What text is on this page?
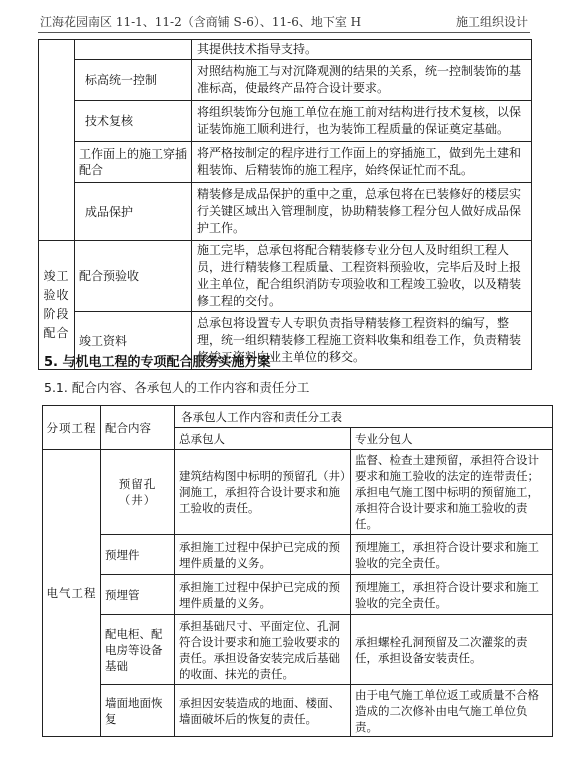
江海花园南区 11-1、11-2（含商铺 S-6）、11-6、地下室 H	施工组织设计
		其提供技术指导支持。
	标高统一控制	对照结构施工与对沉降观测的结果的关系，统一控制装饰的基准标高，使最终产品符合设计要求。
	技术复核	将组织装饰分包施工单位在施工前对结构进行技术复核，以保证装饰施工顺利进行，也为装饰工程质量的保证奠定基础。
	工作面上的施工穿插配合	将严格按制定的程序进行工作面上的穿插施工，做到先土建和粗装饰、后精装饰的施工程序，始终保证忙而不乱。
	成品保护	精装修是成品保护的重中之重，总承包将在已装修好的楼层实行关键区域出入管理制度，协助精装修工程分包人做好成品保护工作。
竣工验收阶段配合	配合预验收	施工完毕，总承包将配合精装修专业分包人及时组织工程人员，进行精装修工程质量、工程资料预验收，完毕后及时上报业主单位，配合组织消防专项验收和工程竣工验收，以及精装修工程的交付。
	竣工资料	总承包将设置专人专职负责指导精装修工程资料的编写，整理，统一组织精装修工程施工资料收集和组卷工作，负责精装修竣工资料向业主单位的移交。
5. 与机电工程的专项配合服务实施方案
5.1. 配合内容、各承包人的工作内容和责任分工
分项工程	配合内容	各承包人工作内容和责任分工表	
		总承包人	专业分包人
电气工程	预留孔（井）	建筑结构图中标明的预留孔（井）洞施工，承担符合设计要求和施工验收的责任。	监督、检查土建预留，承担符合设计要求和施工验收的法定的连带责任；承担电气施工图中标明的预留施工，承担符合设计要求和施工验收的责任。
	预埋件	承担施工过程中保护已完成的预埋件质量的义务。	预埋施工，承担符合设计要求和施工验收的完全责任。
	预埋管	承担施工过程中保护已完成的预埋件质量的义务。	预埋施工，承担符合设计要求和施工验收的完全责任。
	配电柜、配电房等设备基础	承担基础尺寸、平面定位、孔洞符合设计要求和施工验收要求的责任。承担设备安装完成后基础的收面、抹光的责任。	承担螺栓孔洞预留及二次灌浆的责任，承担设备安装责任。
	墙面地面恢复	承担因安装造成的地面、楼面、墙面破坏后的恢复的责任。	由于电气施工单位返工或质量不合格造成的二次修补由电气施工单位负责。
